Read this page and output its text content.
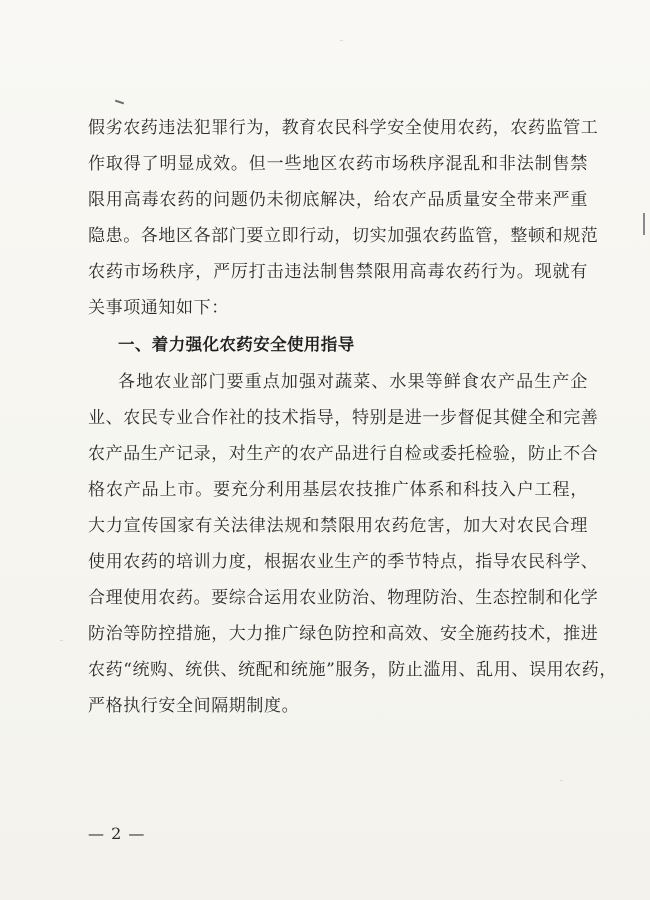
假劣农药违法犯罪行为，教育农民科学安全使用农药，农药监管工
作取得了明显成效。但一些地区农药市场秩序混乱和非法制售禁
限用高毒农药的问题仍未彻底解决，给农产品质量安全带来严重
隐患。各地区各部门要立即行动，切实加强农药监管，整顿和规范
农药市场秩序，严厉打击违法制售禁限用高毒农药行为。现就有
关事项通知如下：
一、着力强化农药安全使用指导
各地农业部门要重点加强对蔬菜、水果等鲜食农产品生产企
业、农民专业合作社的技术指导，特别是进一步督促其健全和完善
农产品生产记录，对生产的农产品进行自检或委托检验，防止不合
格农产品上市。要充分利用基层农技推广体系和科技入户工程，
大力宣传国家有关法律法规和禁限用农药危害，加大对农民合理
使用农药的培训力度，根据农业生产的季节特点，指导农民科学、
合理使用农药。要综合运用农业防治、物理防治、生态控制和化学
防治等防控措施，大力推广绿色防控和高效、安全施药技术，推进
农药“统购、统供、统配和统施”服务，防止滥用、乱用、误用农药，
严格执行安全间隔期制度。
— 2 —
